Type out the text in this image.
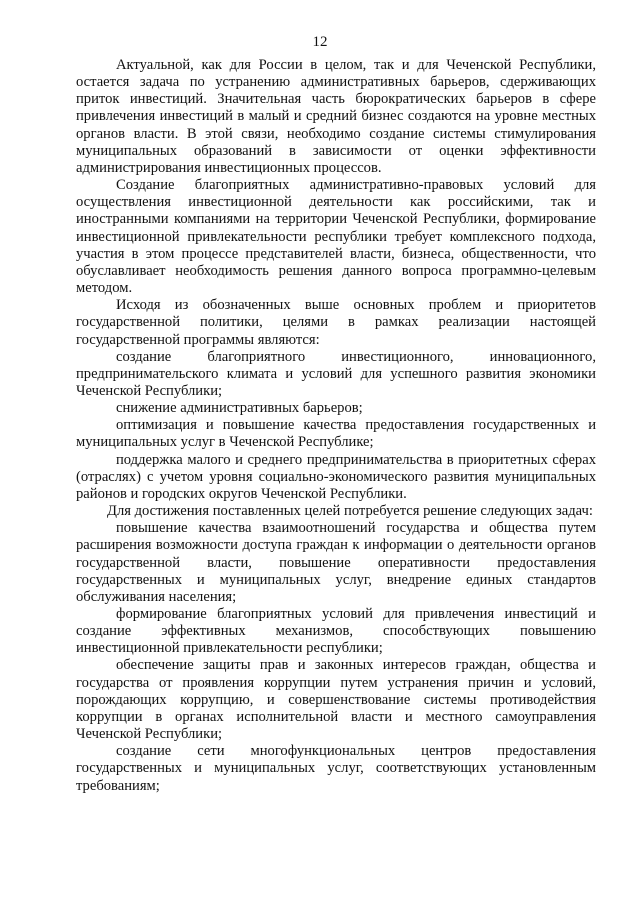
12

Актуальной, как для России в целом, так и для Чеченской Республики, остается задача по устранению административных барьеров, сдерживающих приток инвестиций. Значительная часть бюрократических барьеров в сфере привлечения инвестиций в малый и средний бизнес создаются на уровне местных органов власти. В этой связи, необходимо создание системы стимулирования муниципальных образований в зависимости от оценки эффективности администрирования инвестиционных процессов.

Создание благоприятных административно-правовых условий для осуществления инвестиционной деятельности как российскими, так и иностранными компаниями на территории Чеченской Республики, формирование инвестиционной привлекательности республики требует комплексного подхода, участия в этом процессе представителей власти, бизнеса, общественности, что обуславливает необходимость решения данного вопроса программно-целевым методом.

Исходя из обозначенных выше основных проблем и приоритетов государственной политики, целями в рамках реализации настоящей государственной программы являются:

создание благоприятного инвестиционного, инновационного, предпринимательского климата и условий для успешного развития экономики Чеченской Республики;

снижение административных барьеров;

оптимизация и повышение качества предоставления государственных и муниципальных услуг в Чеченской Республике;

поддержка малого и среднего предпринимательства в приоритетных сферах (отраслях) с учетом уровня социально-экономического развития муниципальных районов и городских округов Чеченской Республики.

Для достижения поставленных целей потребуется решение следующих задач:

повышение качества взаимоотношений государства и общества путем расширения возможности доступа граждан к информации о деятельности органов государственной власти, повышение оперативности предоставления государственных и муниципальных услуг, внедрение единых стандартов обслуживания населения;

формирование благоприятных условий для привлечения инвестиций и создание эффективных механизмов, способствующих повышению инвестиционной привлекательности республики;

обеспечение защиты прав и законных интересов граждан, общества и государства от проявления коррупции путем устранения причин и условий, порождающих коррупцию, и совершенствование системы противодействия коррупции в органах исполнительной власти и местного самоуправления Чеченской Республики;

создание сети многофункциональных центров предоставления государственных и муниципальных услуг, соответствующих установленным требованиям;
